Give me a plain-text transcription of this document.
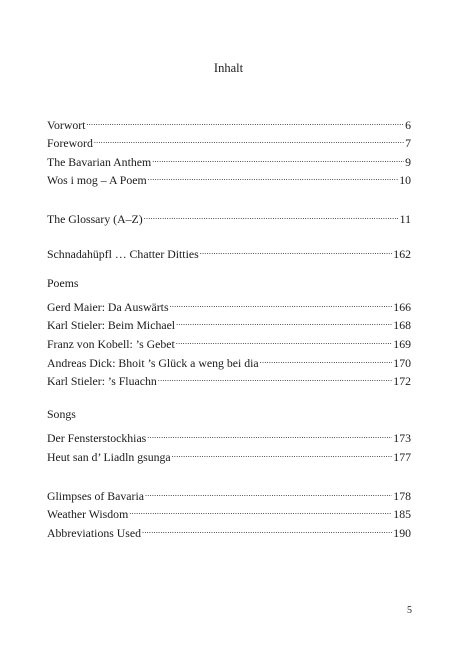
Inhalt
Vorwort .....	6
Foreword .....	7
The Bavarian Anthem .....	9
Wos i mog – A Poem .....	10
The Glossary (A–Z) .....	11
Schnadahüpfl … Chatter Ditties .....	162
Poems
Gerd Maier: Da Auswärts .....	166
Karl Stieler: Beim Michael .....	168
Franz von Kobell: ’s Gebet .....	169
Andreas Dick: Bhoit ’s Glück a weng bei dia .....	170
Karl Stieler: ’s Fluachn .....	172
Songs
Der Fensterstockhias .....	173
Heut san d’ Liadln gsunga .....	177
Glimpses of Bavaria .....	178
Weather Wisdom .....	185
Abbreviations Used .....	190
5
